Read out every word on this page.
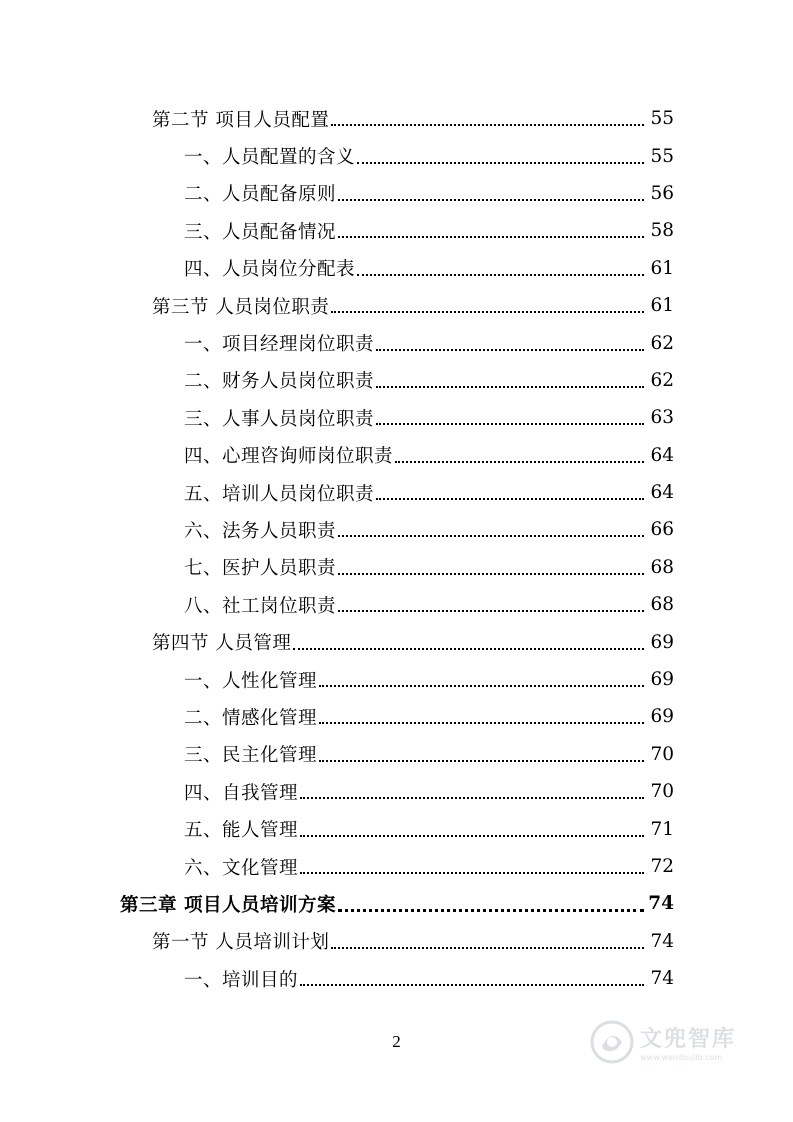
第二节 项目人员配置	55
一、人员配置的含义	55
二、人员配备原则	56
三、人员配备情况	58
四、人员岗位分配表	61
第三节 人员岗位职责	61
一、项目经理岗位职责	62
二、财务人员岗位职责	62
三、人事人员岗位职责	63
四、心理咨询师岗位职责	64
五、培训人员岗位职责	64
六、法务人员职责	66
七、医护人员职责	68
八、社工岗位职责	68
第四节 人员管理	69
一、人性化管理	69
二、情感化管理	69
三、民主化管理	70
四、自我管理	70
五、能人管理	71
六、文化管理	72
第三章 项目人员培训方案	74
第一节 人员培训计划	74
一、培训目的	74
2	文兜智库
www.wendoulib.com
